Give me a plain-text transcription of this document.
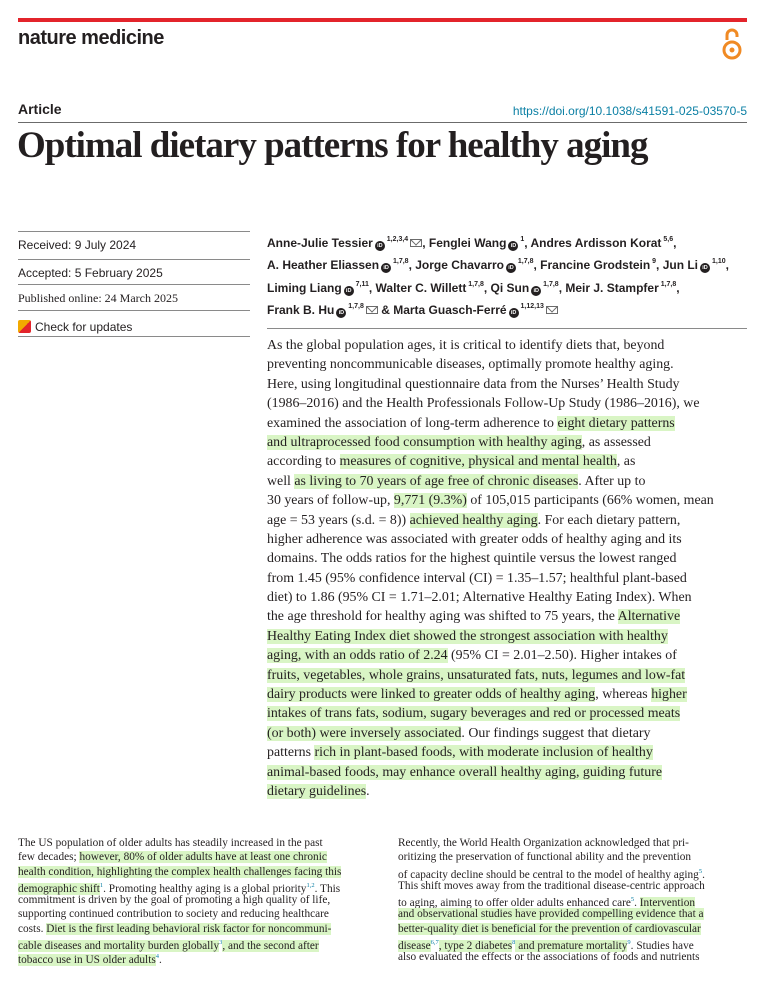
nature medicine
Article	https://doi.org/10.1038/s41591-025-03570-5
Optimal dietary patterns for healthy aging
Received: 9 July 2024
Accepted: 5 February 2025
Published online: 24 March 2025
Check for updates
Anne-Julie Tessier iD $^{1,2,3,4}$ , Fenglei Wang iD $^1$, Andres Ardisson Korat $^{5,6}$,
A. Heather Eliassen iD $^{1,7,8}$, Jorge Chavarro iD $^{1,7,8}$, Francine Grodstein $^9$, Jun Li iD $^{1,10}$,
Liming Liang iD $^{7,11}$, Walter C. Willett $^{1,7,8}$, Qi Sun iD $^{1,7,8}$, Meir J. Stampfer $^{1,7,8}$,
Frank B. Hu iD $^{1,7,8}$ & Marta Guasch-Ferré iD $^{1,12,13}$
As the global population ages, it is critical to identify diets that, beyond
preventing noncommunicable diseases, optimally promote healthy aging.
Here, using longitudinal questionnaire data from the Nurses’ Health Study
(1986–2016) and the Health Professionals Follow-Up Study (1986–2016), we
examined the association of long-term adherence to eight dietary patterns
and ultraprocessed food consumption with healthy aging, as assessed
according to measures of cognitive, physical and mental health, as
well as living to 70 years of age free of chronic diseases. After up to
30 years of follow-up, 9,771 (9.3%) of 105,015 participants (66% women, mean
age = 53 years (s.d. = 8)) achieved healthy aging. For each dietary pattern,
higher adherence was associated with greater odds of healthy aging and its
domains. The odds ratios for the highest quintile versus the lowest ranged
from 1.45 (95% confidence interval (CI) = 1.35–1.57; healthful plant-based
diet) to 1.86 (95% CI = 1.71–2.01; Alternative Healthy Eating Index). When
the age threshold for healthy aging was shifted to 75 years, the Alternative
Healthy Eating Index diet showed the strongest association with healthy
aging, with an odds ratio of 2.24 (95% CI = 2.01–2.50). Higher intakes of
fruits, vegetables, whole grains, unsaturated fats, nuts, legumes and low-fat
dairy products were linked to greater odds of healthy aging, whereas higher
intakes of trans fats, sodium, sugary beverages and red or processed meats
(or both) were inversely associated. Our findings suggest that dietary
patterns rich in plant-based foods, with moderate inclusion of healthy
animal-based foods, may enhance overall healthy aging, guiding future
dietary guidelines.
The US population of older adults has steadily increased in the past
few decades; however, 80% of older adults have at least one chronic
health condition, highlighting the complex health challenges facing this
demographic shift$^1$. Promoting healthy aging is a global priority$^{1,2}$. This
commitment is driven by the goal of promoting a high quality of life,
supporting continued contribution to society and reducing healthcare
costs. Diet is the first leading behavioral risk factor for noncommuni-
cable diseases and mortality burden globally$^3$, and the second after
tobacco use in US older adults$^4$.
Recently, the World Health Organization acknowledged that pri-
oritizing the preservation of functional ability and the prevention
of capacity decline should be central to the model of healthy aging$^5$.
This shift moves away from the traditional disease-centric approach
to aging, aiming to offer older adults enhanced care$^5$. Intervention
and observational studies have provided compelling evidence that a
better-quality diet is beneficial for the prevention of cardiovascular
disease$^{6,7}$, type 2 diabetes$^8$ and premature mortality$^9$. Studies have
also evaluated the effects or the associations of foods and nutrients
